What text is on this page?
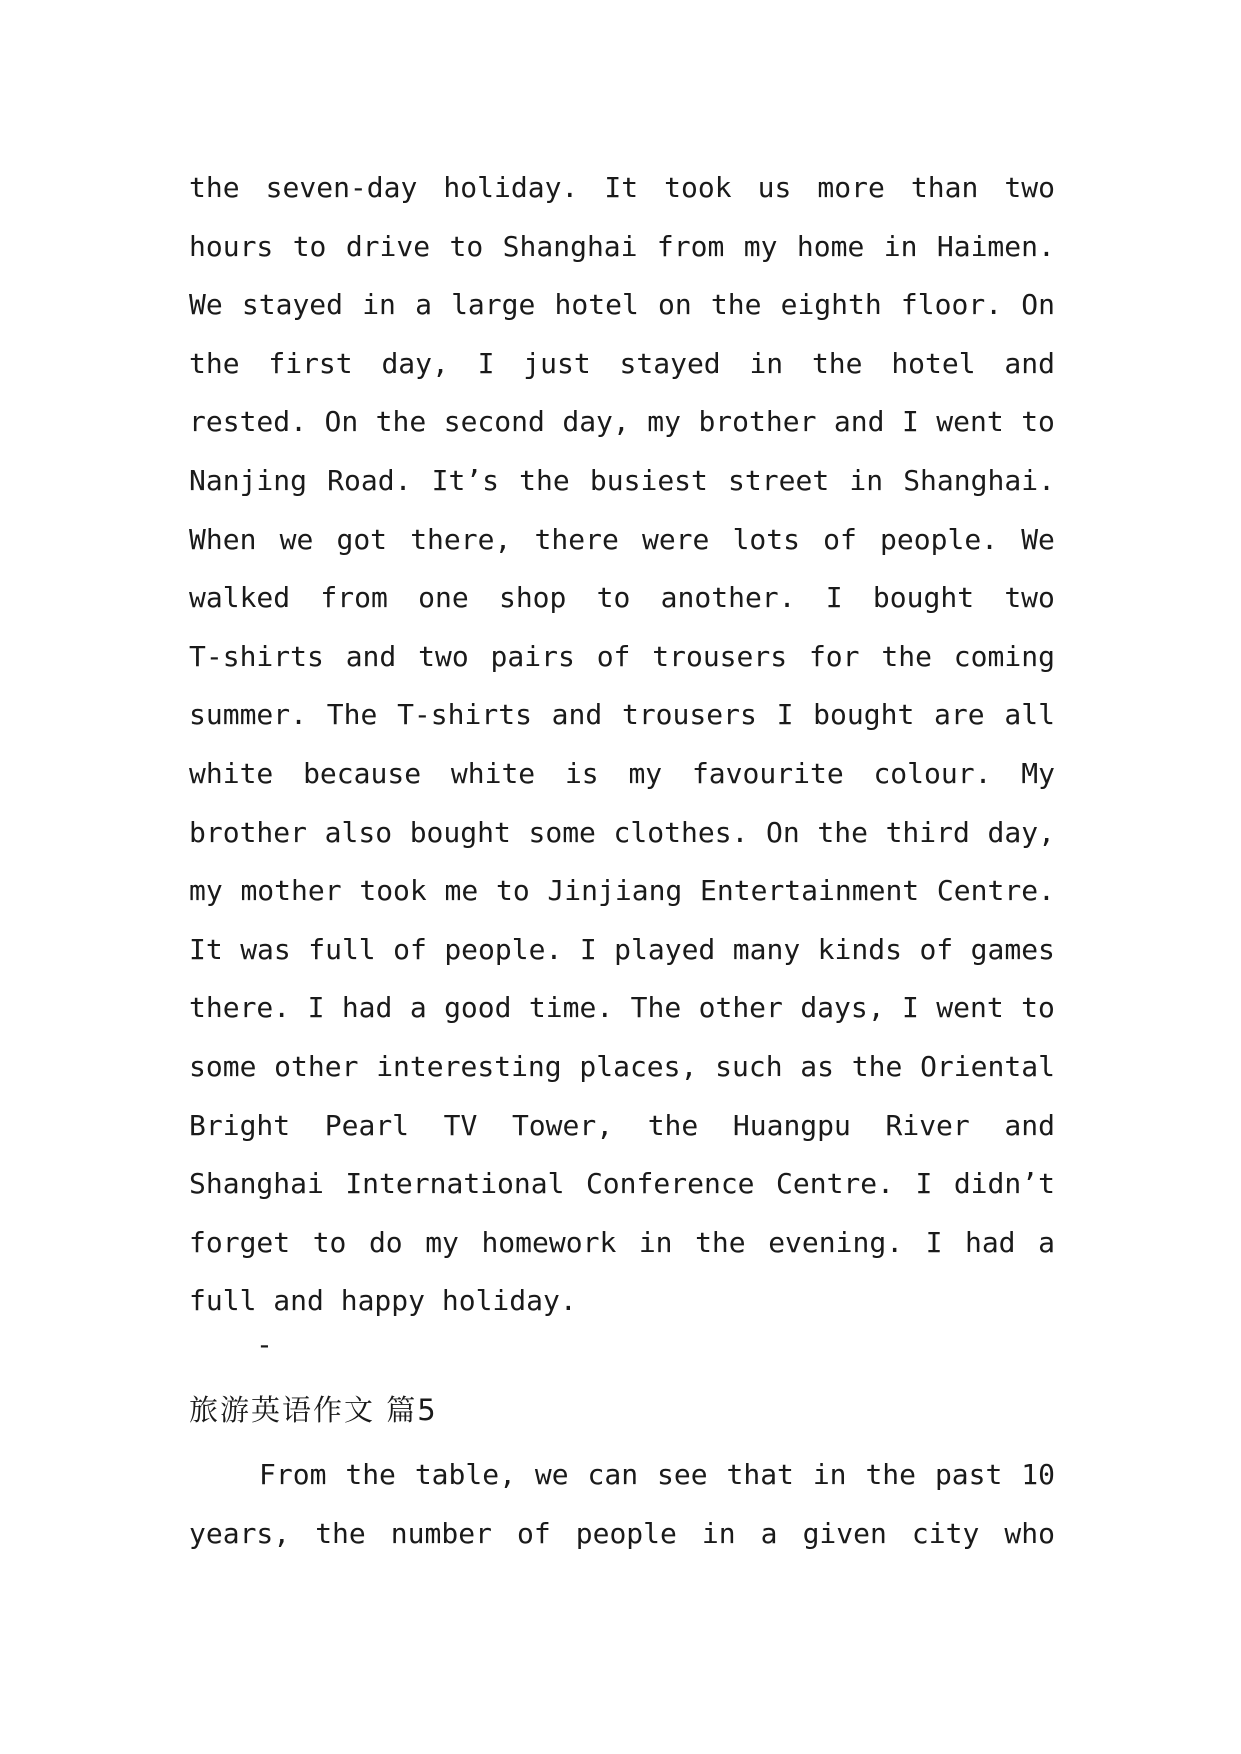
the seven-day holiday. It took us more than two
hours to drive to Shanghai from my home in Haimen.
We stayed in a large hotel on the eighth floor. On
the first day, I just stayed in the hotel and
rested. On the second day, my brother and I went to
Nanjing Road. It’s the busiest street in Shanghai.
When we got there, there were lots of people. We
walked from one shop to another. I bought two
T-shirts and two pairs of trousers for the coming
summer. The T-shirts and trousers I bought are all
white because white is my favourite colour. My
brother also bought some clothes. On the third day,
my mother took me to Jinjiang Entertainment Centre.
It was full of people. I played many kinds of games
there. I had a good time. The other days, I went to
some other interesting places, such as the Oriental
Bright Pearl TV Tower, the Huangpu River and
Shanghai International Conference Centre. I didn’t
forget to do my homework in the evening. I had a
full and happy holiday.
-
旅游英语作文 篇5
From the table, we can see that in the past 10
years, the number of people in a given city who
